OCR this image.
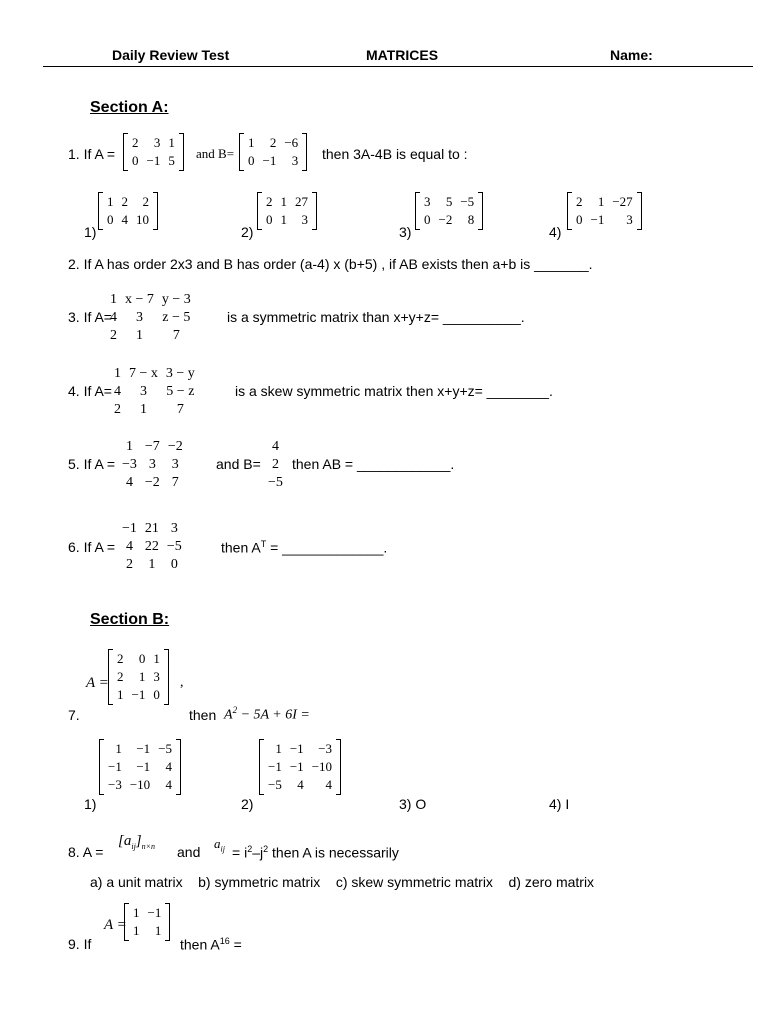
Daily Review Test	MATRICES	Name:
Section A:
1. If A =
2	3	1
0	−1	5 and B=
1	2	−6
0	−1	3 then 3A-4B is equal to :
1)
1	2	2
0	4	10
2)
2	1	27
0	1	3
3)
3	5	−5
0	−2	8
4)
2	1	−27
0	−1	3
2. If A has order 2x3 and B has order (a-4) x (b+5) , if AB exists then a+b is _______.
3. If A=
1	x − 7	y − 3
4	3	z − 5
2	1	7
is a symmetric matrix than x+y+z= __________.
4. If A=
1	7 − x	3 − y
4	3	5 − z
2	1	7
is a skew symmetric matrix then x+y+z= ________.
5. If A =
1	−7	−2
−3	3	3
4	−2	7
and B=
4
2
−5
then AB = ____________.
6. If A =
−1	21	3
4	22	−5
2	1	0
then $A^T$ = _____________.
Section B:
A =
2	0	1
2	1	3
1	−1	0
,
7.	then $A^2 - 5A + 6I$ =
1)
1	−1	−5
−1	−1	4
−3	−10	4
2)
1	−1	−3
−1	−1	−10
−5	4	4
3) O	4) I
8. A =
$[a_{ij}]_{n\times n}$ and
$a_{ij} = i^2-j^2$ then A is necessarily
a) a unit matrix    b) symmetric matrix    c) skew symmetric matrix    d) zero matrix
A =
1	−1
1	1
9. If	then $A^{16}$ =
